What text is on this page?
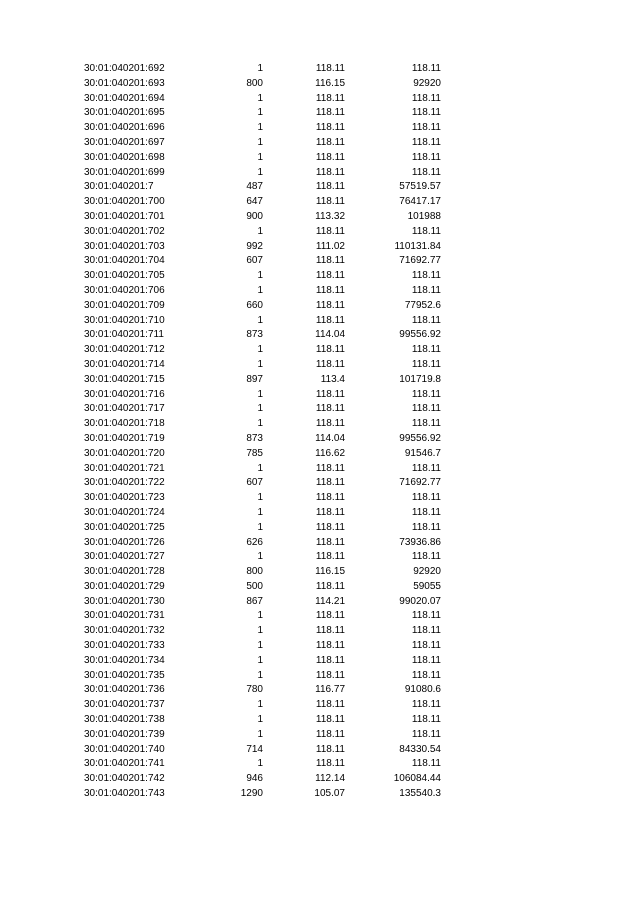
30:01:040201:692	1	118.11	118.11
30:01:040201:693	800	116.15	92920
30:01:040201:694	1	118.11	118.11
30:01:040201:695	1	118.11	118.11
30:01:040201:696	1	118.11	118.11
30:01:040201:697	1	118.11	118.11
30:01:040201:698	1	118.11	118.11
30:01:040201:699	1	118.11	118.11
30:01:040201:7	487	118.11	57519.57
30:01:040201:700	647	118.11	76417.17
30:01:040201:701	900	113.32	101988
30:01:040201:702	1	118.11	118.11
30:01:040201:703	992	111.02	110131.84
30:01:040201:704	607	118.11	71692.77
30:01:040201:705	1	118.11	118.11
30:01:040201:706	1	118.11	118.11
30:01:040201:709	660	118.11	77952.6
30:01:040201:710	1	118.11	118.11
30:01:040201:711	873	114.04	99556.92
30:01:040201:712	1	118.11	118.11
30:01:040201:714	1	118.11	118.11
30:01:040201:715	897	113.4	101719.8
30:01:040201:716	1	118.11	118.11
30:01:040201:717	1	118.11	118.11
30:01:040201:718	1	118.11	118.11
30:01:040201:719	873	114.04	99556.92
30:01:040201:720	785	116.62	91546.7
30:01:040201:721	1	118.11	118.11
30:01:040201:722	607	118.11	71692.77
30:01:040201:723	1	118.11	118.11
30:01:040201:724	1	118.11	118.11
30:01:040201:725	1	118.11	118.11
30:01:040201:726	626	118.11	73936.86
30:01:040201:727	1	118.11	118.11
30:01:040201:728	800	116.15	92920
30:01:040201:729	500	118.11	59055
30:01:040201:730	867	114.21	99020.07
30:01:040201:731	1	118.11	118.11
30:01:040201:732	1	118.11	118.11
30:01:040201:733	1	118.11	118.11
30:01:040201:734	1	118.11	118.11
30:01:040201:735	1	118.11	118.11
30:01:040201:736	780	116.77	91080.6
30:01:040201:737	1	118.11	118.11
30:01:040201:738	1	118.11	118.11
30:01:040201:739	1	118.11	118.11
30:01:040201:740	714	118.11	84330.54
30:01:040201:741	1	118.11	118.11
30:01:040201:742	946	112.14	106084.44
30:01:040201:743	1290	105.07	135540.3
